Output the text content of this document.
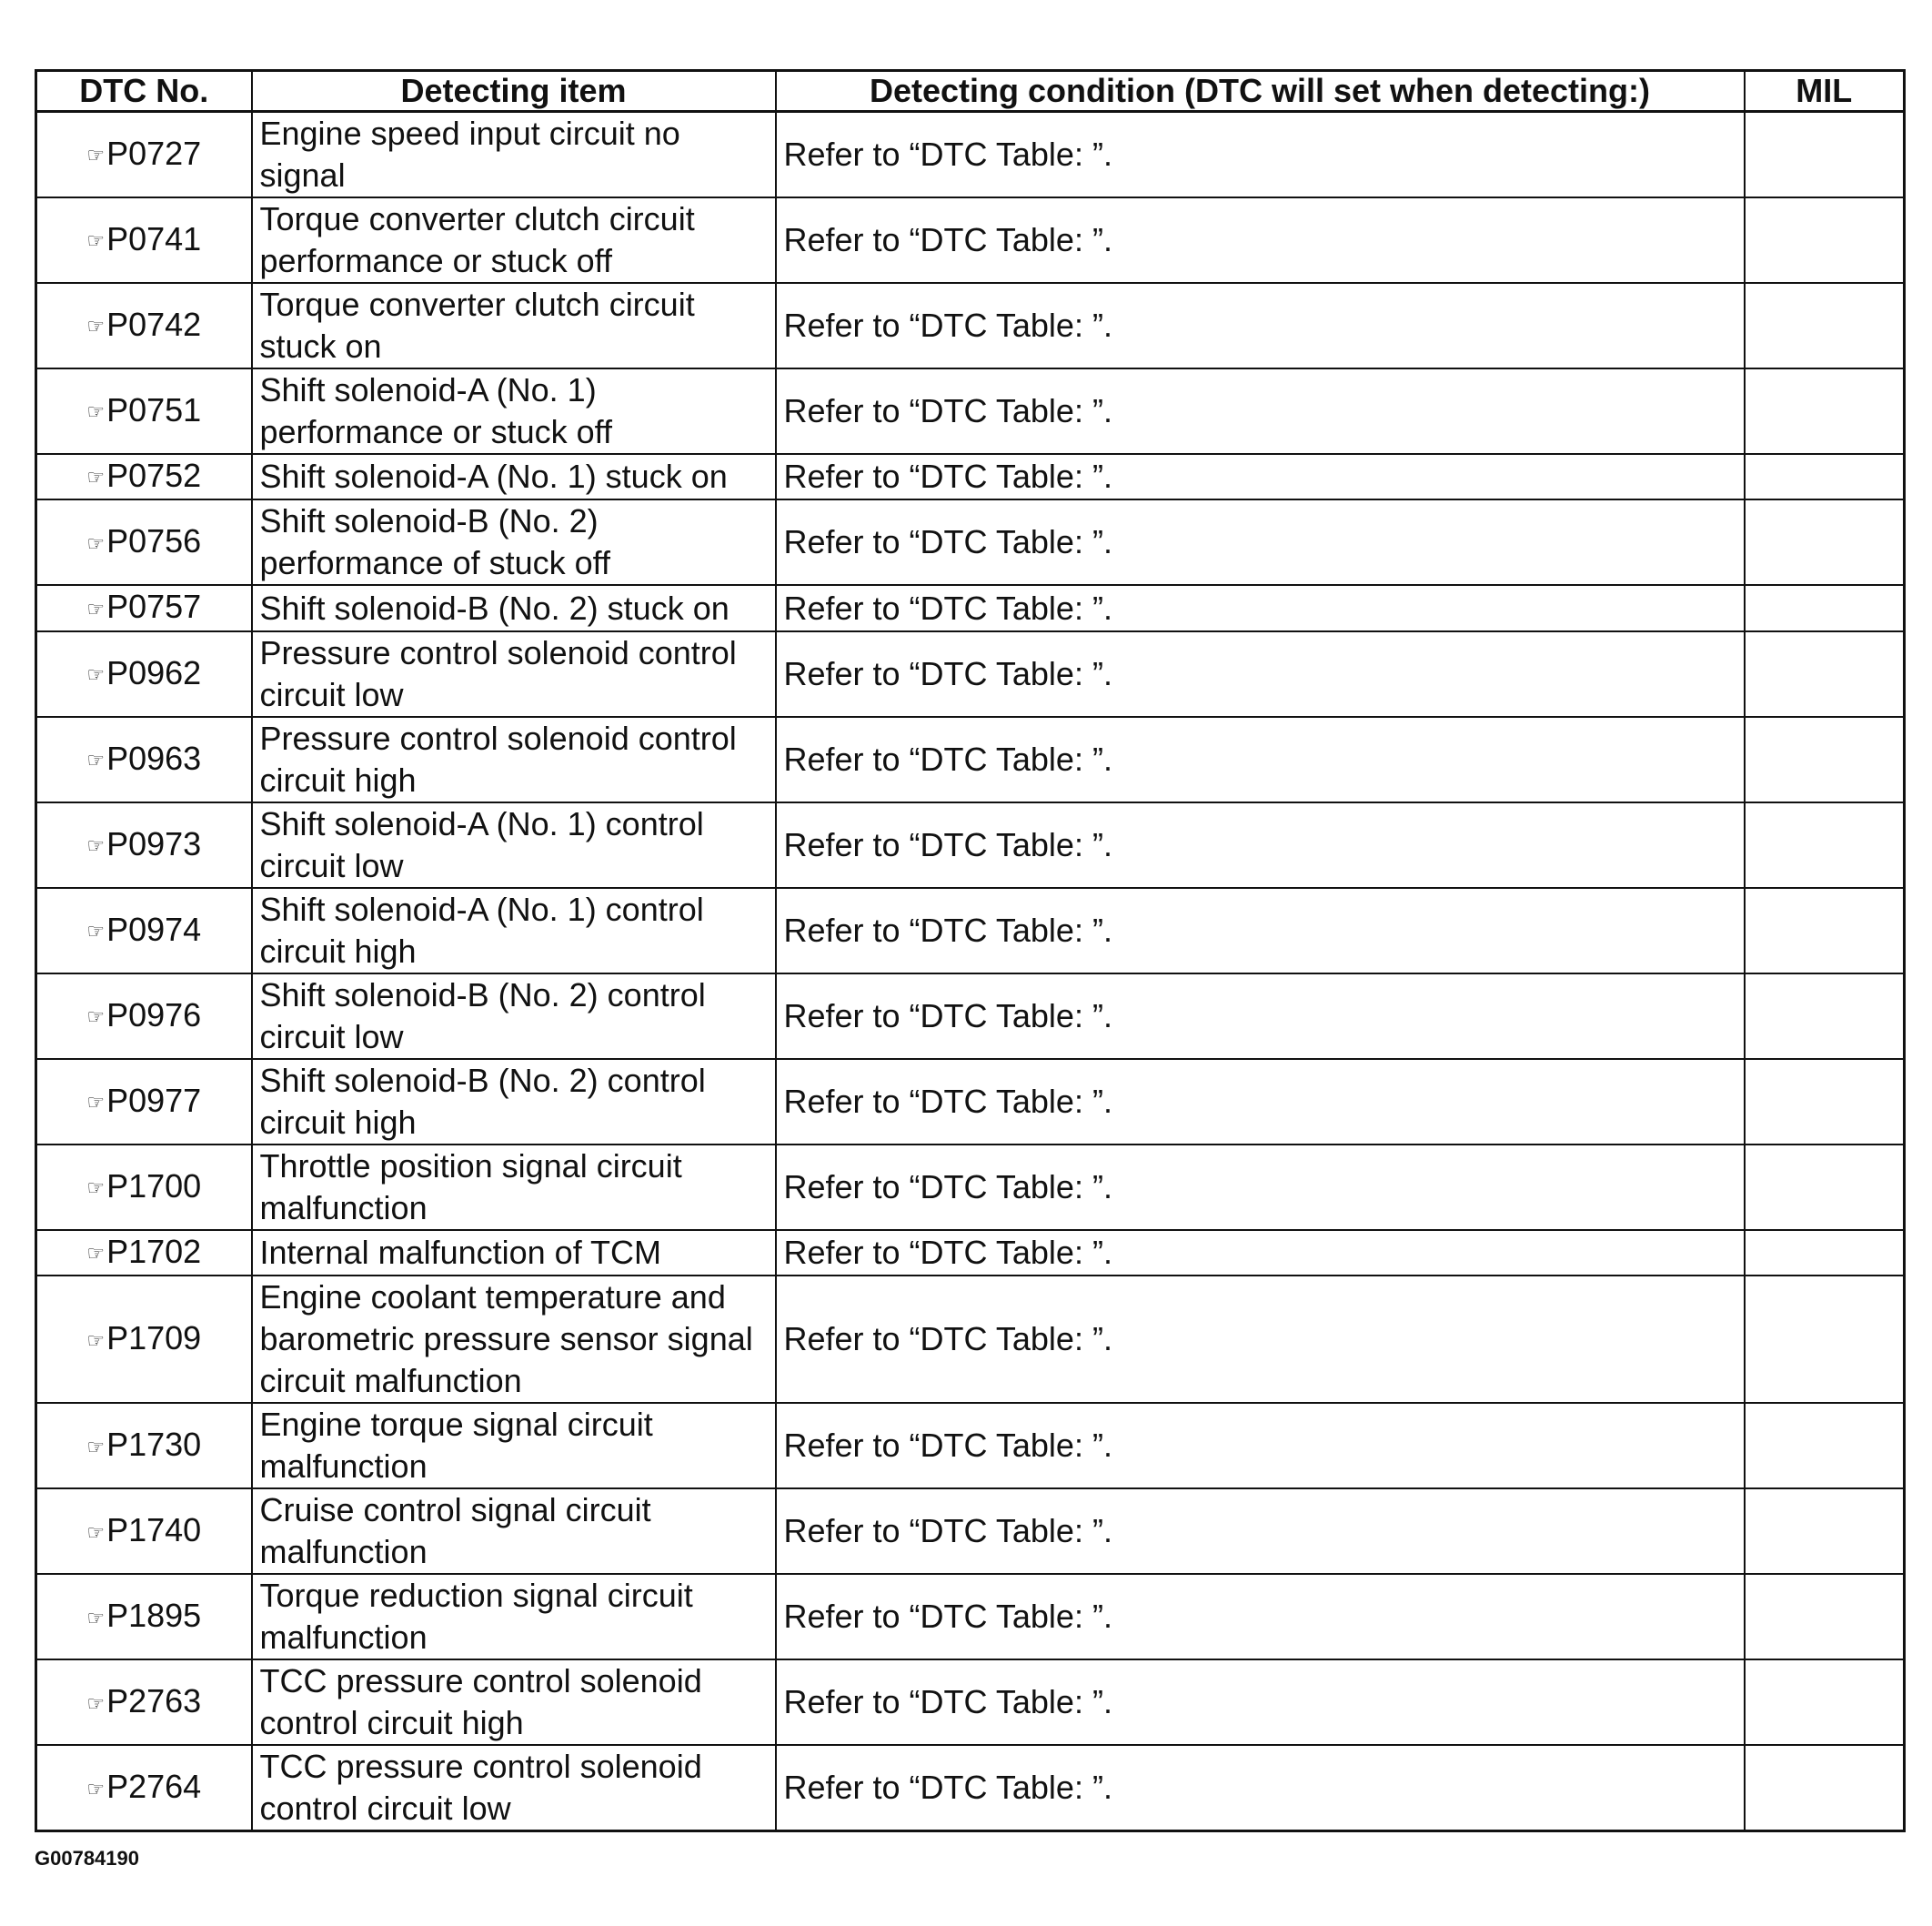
DTC No.	Detecting item	Detecting condition (DTC will set when detecting:)	MIL
☞P0727	Engine speed input circuit no signal	Refer to “DTC Table: ”.	
☞P0741	Torque converter clutch circuit performance or stuck off	Refer to “DTC Table: ”.	
☞P0742	Torque converter clutch circuit stuck on	Refer to “DTC Table: ”.	
☞P0751	Shift solenoid-A (No. 1) performance or stuck off	Refer to “DTC Table: ”.	
☞P0752	Shift solenoid-A (No. 1) stuck on	Refer to “DTC Table: ”.	
☞P0756	Shift solenoid-B (No. 2) performance of stuck off	Refer to “DTC Table: ”.	
☞P0757	Shift solenoid-B (No. 2) stuck on	Refer to “DTC Table: ”.	
☞P0962	Pressure control solenoid control circuit low	Refer to “DTC Table: ”.	
☞P0963	Pressure control solenoid control circuit high	Refer to “DTC Table: ”.	
☞P0973	Shift solenoid-A (No. 1) control circuit low	Refer to “DTC Table: ”.	
☞P0974	Shift solenoid-A (No. 1) control circuit high	Refer to “DTC Table: ”.	
☞P0976	Shift solenoid-B (No. 2) control circuit low	Refer to “DTC Table: ”.	
☞P0977	Shift solenoid-B (No. 2) control circuit high	Refer to “DTC Table: ”.	
☞P1700	Throttle position signal circuit malfunction	Refer to “DTC Table: ”.	
☞P1702	Internal malfunction of TCM	Refer to “DTC Table: ”.	
☞P1709	Engine coolant temperature and barometric pressure sensor signal circuit malfunction	Refer to “DTC Table: ”.	
☞P1730	Engine torque signal circuit malfunction	Refer to “DTC Table: ”.	
☞P1740	Cruise control signal circuit malfunction	Refer to “DTC Table: ”.	
☞P1895	Torque reduction signal circuit malfunction	Refer to “DTC Table: ”.	
☞P2763	TCC pressure control solenoid control circuit high	Refer to “DTC Table: ”.	
☞P2764	TCC pressure control solenoid control circuit low	Refer to “DTC Table: ”.	
G00784190
